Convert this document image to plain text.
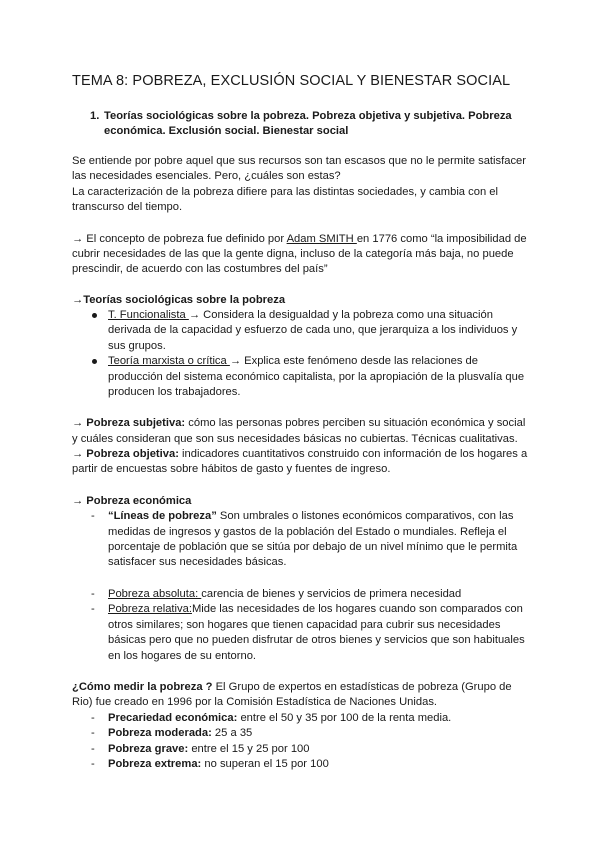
TEMA 8: POBREZA, EXCLUSIÓN SOCIAL Y BIENESTAR SOCIAL
1. Teorías sociológicas sobre la pobreza. Pobreza objetiva y subjetiva. Pobreza
económica. Exclusión social. Bienestar social
Se entiende por pobre aquel que sus recursos son tan escasos que no le permite satisfacer
las necesidades esenciales. Pero, ¿cuáles son estas?
La caracterización de la pobreza difiere para las distintas sociedades, y cambia con el
transcurso del tiempo.
→ El concepto de pobreza fue definido por Adam SMITH en 1776 como “la imposibilidad de
cubrir necesidades de las que la gente digna, incluso de la categoría más baja, no puede
prescindir, de acuerdo con las costumbres del país”
→Teorías sociológicas sobre la pobreza
T. Funcionalista → Considera la desigualdad y la pobreza como una situación
derivada de la capacidad y esfuerzo de cada uno, que jerarquiza a los individuos y
sus grupos.
Teoría marxista o crítica → Explica este fenómeno desde las relaciones de
producción del sistema económico capitalista, por la apropiación de la plusvalía que
producen los trabajadores.
→ Pobreza subjetiva: cómo las personas pobres perciben su situación económica y social
y cuáles consideran que son sus necesidades básicas no cubiertas. Técnicas cualitativas.
→ Pobreza objetiva: indicadores cuantitativos construido con información de los hogares a
partir de encuestas sobre hábitos de gasto y fuentes de ingreso.
→ Pobreza económica
- “Líneas de pobreza” Son umbrales o listones económicos comparativos, con las
medidas de ingresos y gastos de la población del Estado o mundiales. Refleja el
porcentaje de población que se sitúa por debajo de un nivel mínimo que le permita
satisfacer sus necesidades básicas.
- Pobreza absoluta: carencia de bienes y servicios de primera necesidad
- Pobreza relativa:Mide las necesidades de los hogares cuando son comparados con
otros similares; son hogares que tienen capacidad para cubrir sus necesidades
básicas pero que no pueden disfrutar de otros bienes y servicios que son habituales
en los hogares de su entorno.
¿Cómo medir la pobreza ? El Grupo de expertos en estadísticas de pobreza (Grupo de
Rio) fue creado en 1996 por la Comisión Estadística de Naciones Unidas.
- Precariedad económica: entre el 50 y 35 por 100 de la renta media.
- Pobreza moderada: 25 a 35
- Pobreza grave: entre el 15 y 25 por 100
- Pobreza extrema: no superan el 15 por 100
